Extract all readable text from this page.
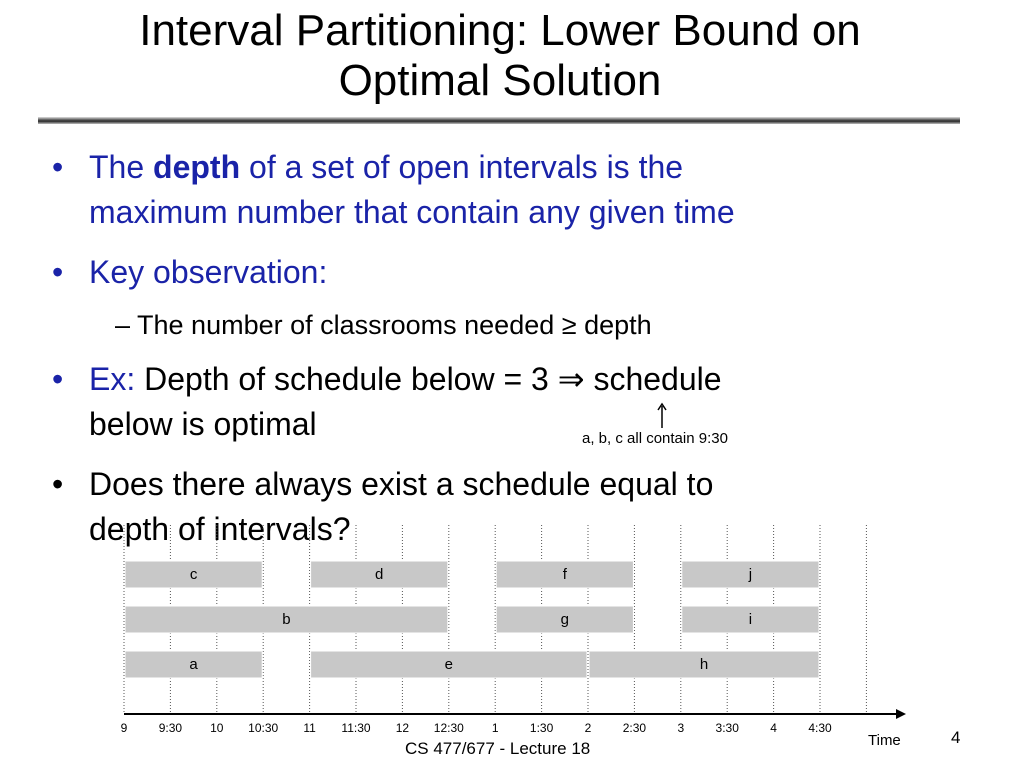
Interval Partitioning: Lower Bound on
Optimal Solution
• The depth of a set of open intervals is the
maximum number that contain any given time
• Key observation:
– The number of classrooms needed ≥ depth
• Ex: Depth of schedule below = 3 ⇒ schedule
below is optimal	a, b, c all contain 9:30
• Does there always exist a schedule equal to
depth of intervals?
c	d	f	j
b	g	i
a	e	h
9	9:30 10 10:30 11 11:30 12 12:30 1	1:30	2	2:30	3	3:30	4	4:30
Time
CS 477/677 - Lecture 18
4
